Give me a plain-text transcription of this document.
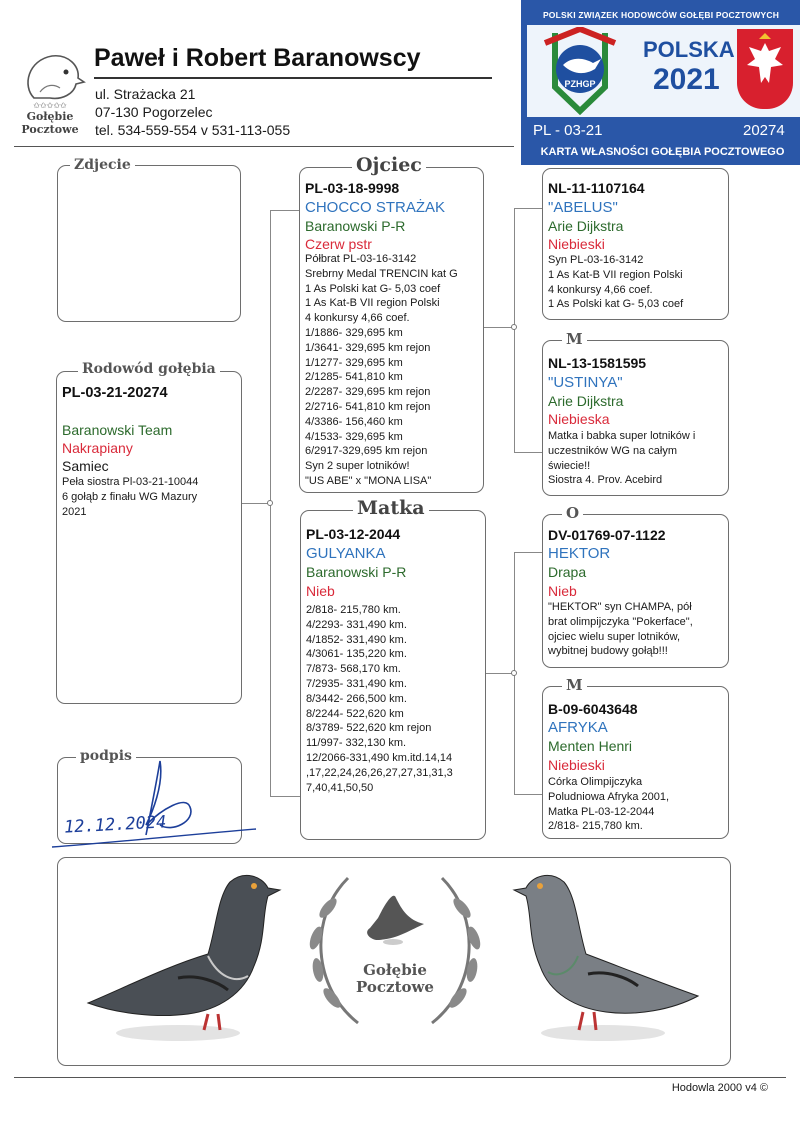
✩✩✩✩✩
Gołębie
Pocztowe
Paweł i Robert Baranowscy
ul. Strażacka 21
07-130 Pogorzelec
tel. 534-559-554 v 531-113-055
POLSKI ZWIĄZEK HODOWCÓW GOŁĘBI POCZTOWYCH
PZHGP
POLSKA
2021
PL - 03-21	20274
KARTA WŁASNOŚCI GOŁĘBIA POCZTOWEGO
Zdjecie
Rodowód gołębia
PL-03-21-20274
Baranowski Team
Nakrapiany
Samiec
Peła siostra Pl-03-21-10044
6 gołąb z finału WG Mazury
2021
podpis
12.12.2024
Ojciec
PL-03-18-9998
CHOCCO STRAŻAK
Baranowski P-R
Czerw pstr
Półbrat PL-03-16-3142
Srebrny Medal TRENCIN kat G
1 As Polski kat G- 5,03 coef
1 As Kat-B VII region Polski
4 konkursy 4,66 coef.
1/1886- 329,695 km
1/3641- 329,695 km rejon
1/1277- 329,695 km
2/1285- 541,810 km
2/2287- 329,695 km rejon
2/2716- 541,810 km rejon
4/3386- 156,460 km
4/1533- 329,695 km
6/2917-329,695 km rejon
Syn 2 super lotników!
"US ABE" x "MONA LISA"
Matka
PL-03-12-2044
GULYANKA
Baranowski P-R
Nieb
2/818- 215,780 km.
4/2293- 331,490 km.
4/1852- 331,490 km.
4/3061- 135,220 km.
7/873- 568,170 km.
7/2935- 331,490 km.
8/3442- 266,500 km.
8/2244- 522,620 km
8/3789- 522,620 km rejon
11/997- 332,130 km.
12/2066-331,490 km.itd.14,14
,17,22,24,26,26,27,27,31,31,3
7,40,41,50,50
NL-11-1107164
"ABELUS"
Arie Dijkstra
Niebieski
Syn PL-03-16-3142
1 As Kat-B VII region Polski
4 konkursy 4,66 coef.
1 As Polski kat G- 5,03 coef
M
NL-13-1581595
"USTINYA"
Arie Dijkstra
Niebieska
Matka i babka super lotników i
uczestników WG na całym
świecie!!
Siostra 4. Prov. Acebird
O
DV-01769-07-1122
HEKTOR
Drapa
Nieb
"HEKTOR" syn CHAMPA, pół
brat olimpijczyka "Pokerface",
ojciec wielu super lotników,
wybitnej budowy gołąb!!!
M
B-09-6043648
AFRYKA
Menten Henri
Niebieski
Córka Olimpijczyka
Poludniowa Afryka 2001,
Matka PL-03-12-2044
2/818- 215,780 km.
Gołębie
Pocztowe
Hodowla 2000 v4 ©
